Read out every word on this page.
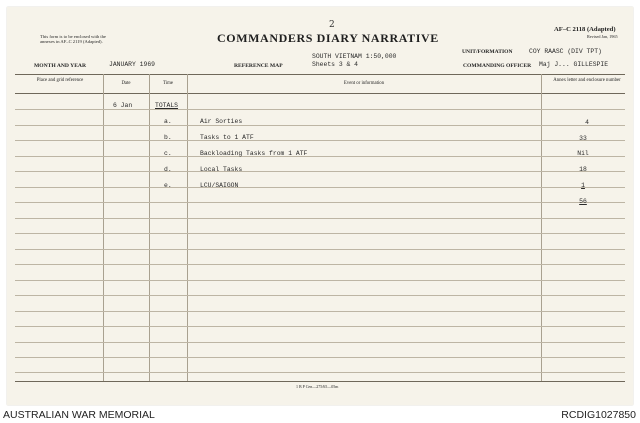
This form is to be enclosed with the
annexes in AF–C 2119 (Adapted).
2
COMMANDERS DIARY NARRATIVE
AF–C 2118 (Adapted)
Revised Jan, 1965
UNIT/FORMATION	COY RAASC (DIV TPT)
SOUTH VIETNAM 1:50,000
MONTH AND YEAR	JANUARY 1969	REFERENCE MAP	Sheets 3 & 4	COMMANDING OFFICER Maj J... GILLESPIE
Place and grid reference
Date	Time	Event or information
Annex letter and enclosure number
6 Jan	TOTALS
a.	Air Sorties	4
b.	Tasks to 1 ATF	33
c.	Backloading Tasks from 1 ATF	Nil
d.	Local Tasks	18
e.	LCU/SAIGON	1
56
1 B P Cen—275/65—05m
AUSTRALIAN WAR MEMORIAL	RCDIG1027850
